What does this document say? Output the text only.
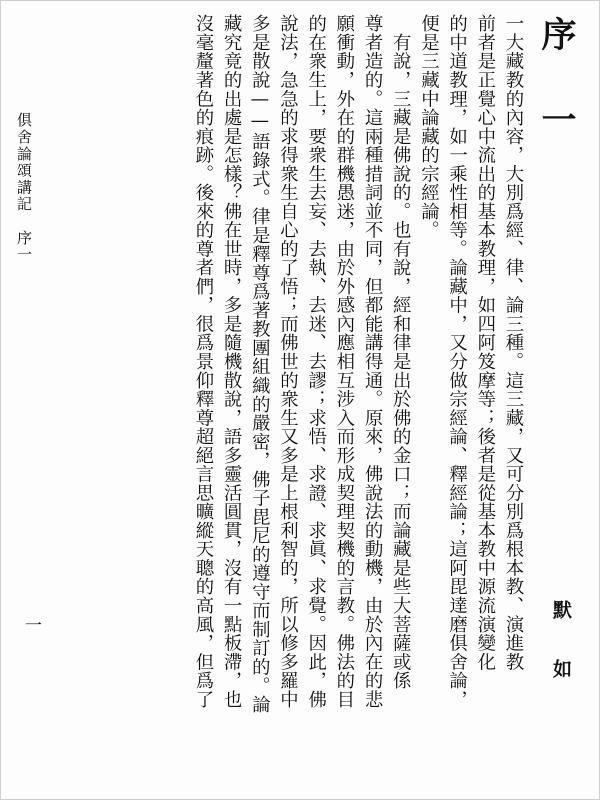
序　一
默　如
俱舍論頌講記　序一
一	一大藏教的內容，大別爲經、律、論三種。這三藏，又可分別爲根本教、演進教
前者是正覺心中流出的基本教理，如四阿笈摩等；後者是從基本教中源流演變化
的中道教理，如一乘性相等。論藏中，又分做宗經論、釋經論；這阿毘達磨俱舍論，
便是三藏中論藏的宗經論。
　有說，三藏是佛說的。也有說，經和律是出於佛的金口；而論藏是些大菩薩或係
尊者造的。這兩種措詞並不同，但都能講得通。原來，佛說法的動機，由於內在的悲
願衝動，外在的群機愚迷，由於外感內應相互涉入而形成契理契機的言教。佛法的目
的在衆生上，要衆生去妄、去執、去迷、去謬；求悟、求證、求眞、求覺。因此，佛
說法，急急的求得衆生自心的了悟；而佛世的衆生又多是上根利智的，所以修多羅中
多是散說——語錄式。律是釋尊爲著教團組織的嚴密，佛子毘尼的遵守而制訂的。論
藏究竟的出處是怎樣？佛在世時，多是隨機散說，語多靈活圓貫，沒有一點板滯，也
沒毫釐著色的痕跡。後來的尊者們，很爲景仰釋尊超絕言思曠縱天聰的高風，但爲了
